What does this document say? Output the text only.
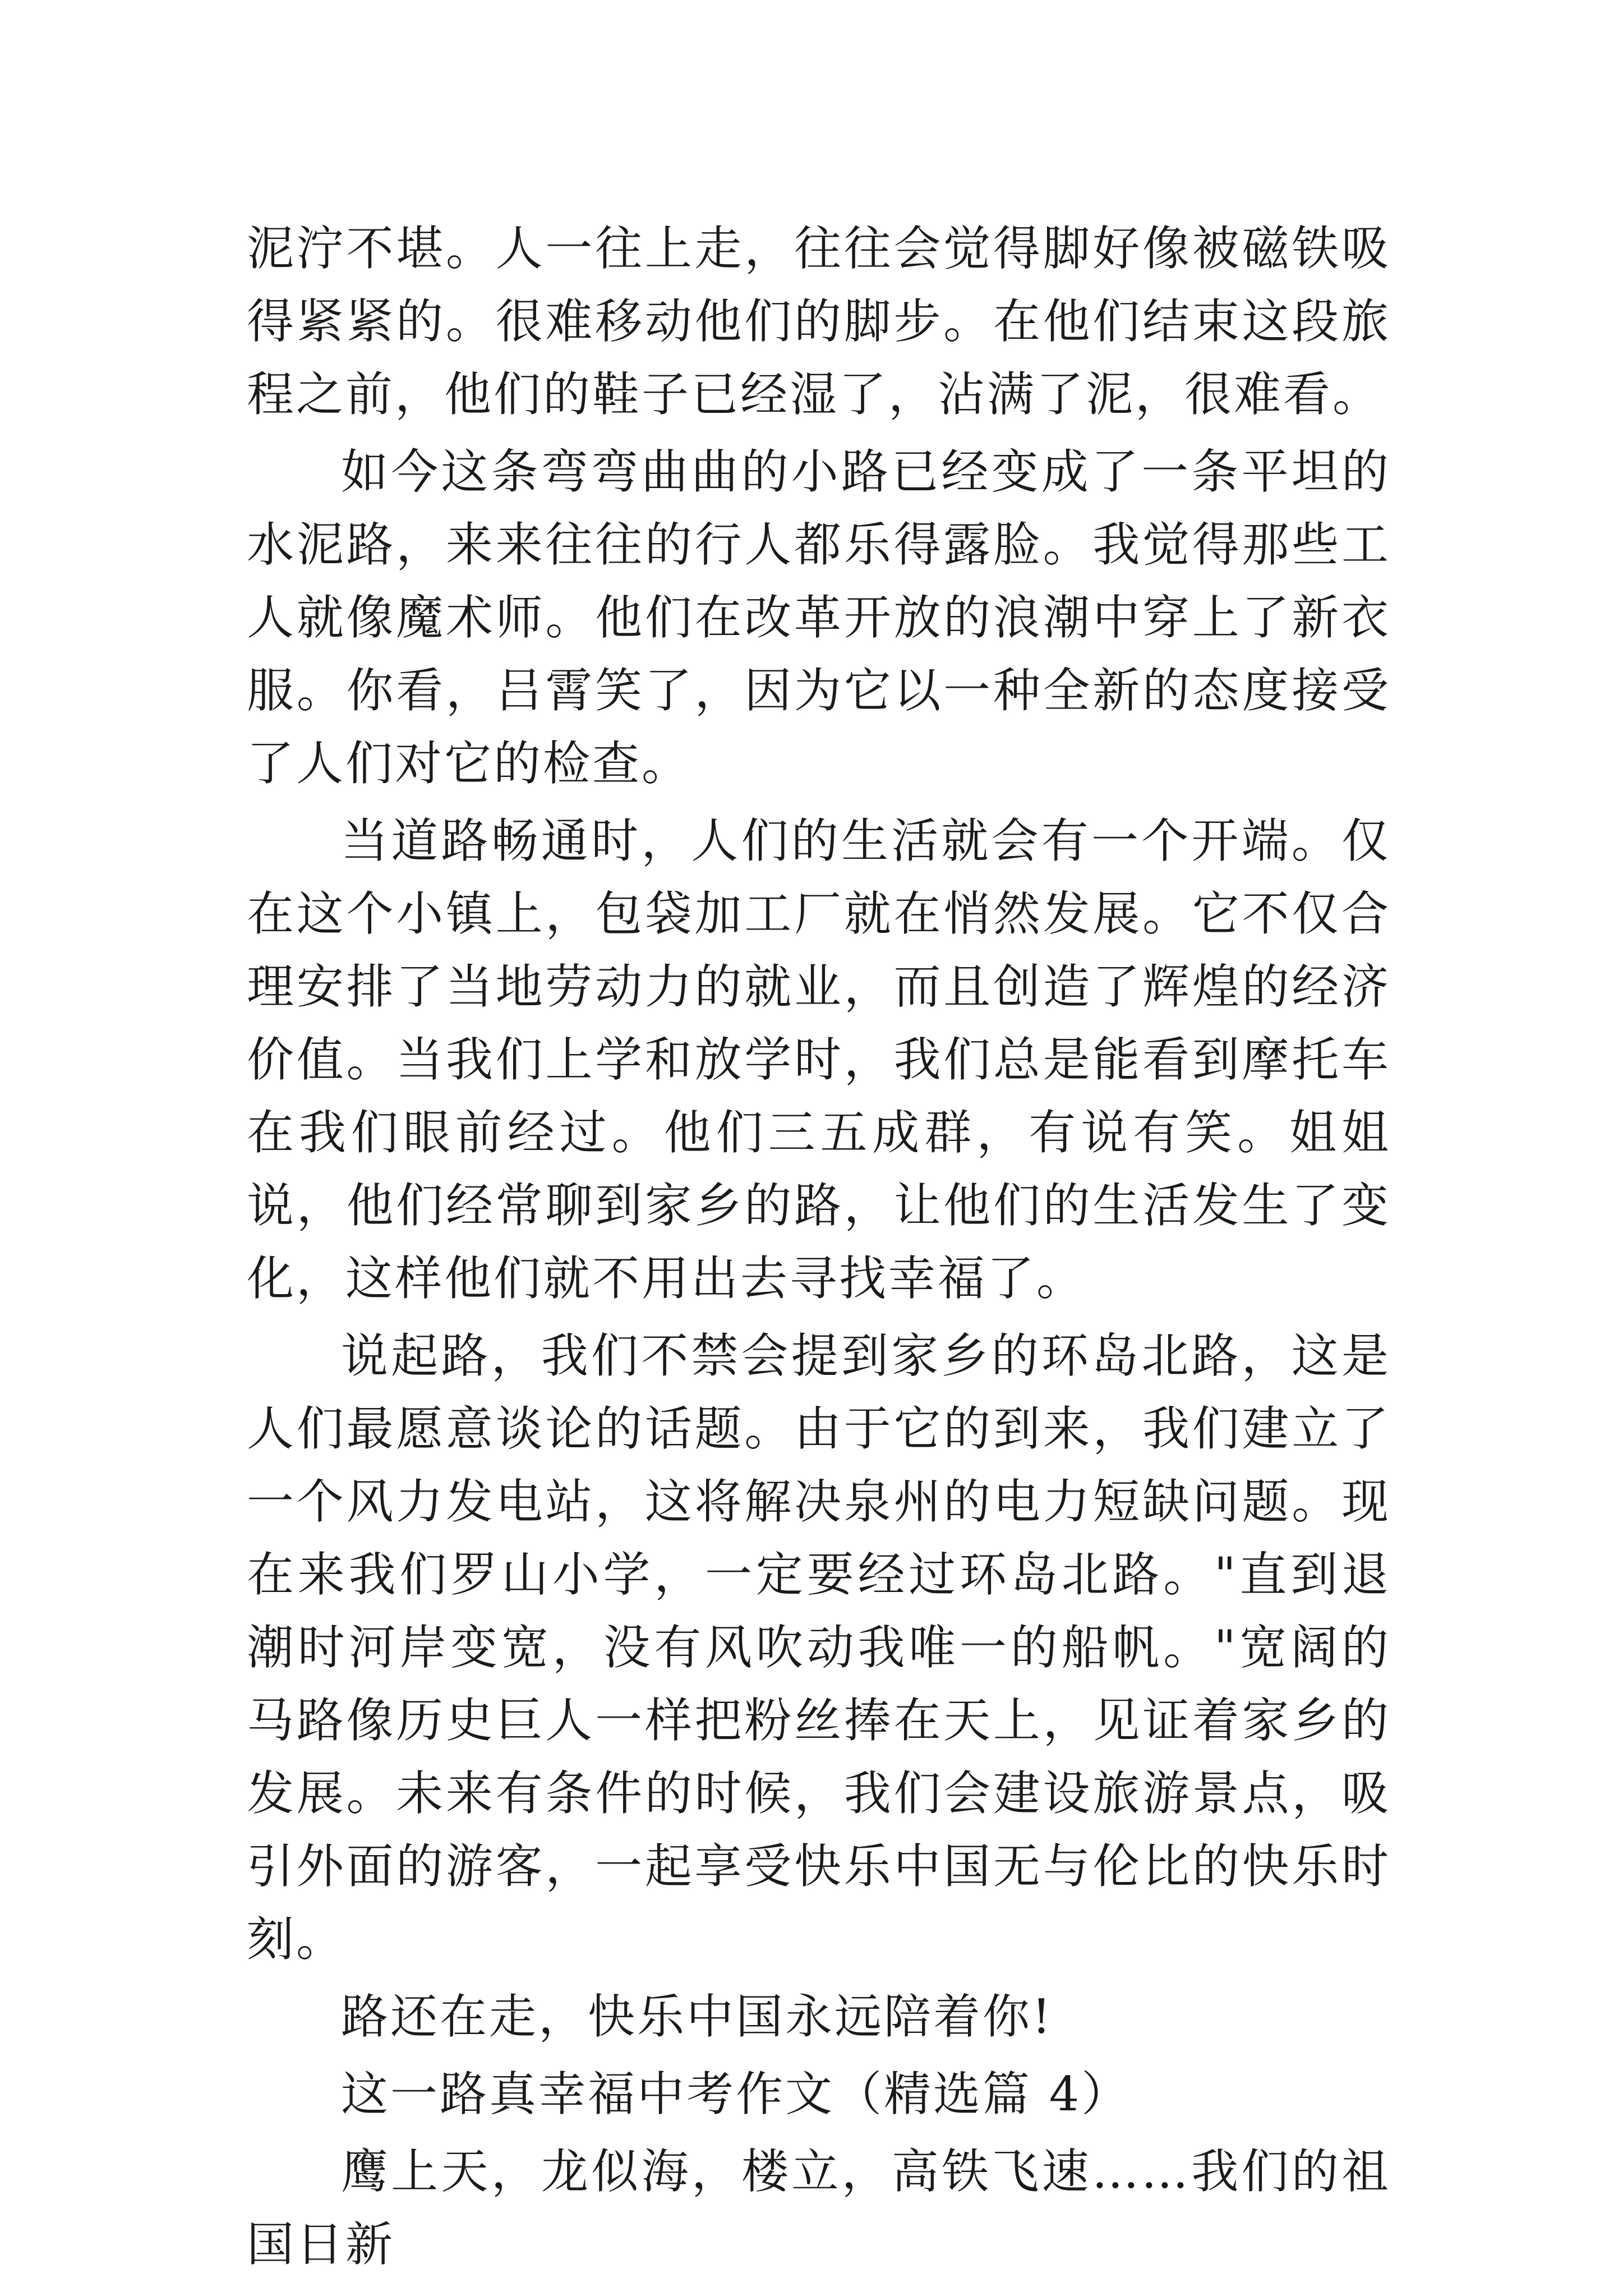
泥泞不堪。人一往上走，往往会觉得脚好像被磁铁吸得紧紧的。很难移动他们的脚步。在他们结束这段旅程之前，他们的鞋子已经湿了，沾满了泥，很难看。

如今这条弯弯曲曲的小路已经变成了一条平坦的水泥路，来来往往的行人都乐得露脸。我觉得那些工人就像魔术师。他们在改革开放的浪潮中穿上了新衣服。你看，吕霄笑了，因为它以一种全新的态度接受了人们对它的检查。

当道路畅通时，人们的生活就会有一个开端。仅在这个小镇上，包袋加工厂就在悄然发展。它不仅合理安排了当地劳动力的就业，而且创造了辉煌的经济价值。当我们上学和放学时，我们总是能看到摩托车在我们眼前经过。他们三五成群，有说有笑。姐姐说，他们经常聊到家乡的路，让他们的生活发生了变化，这样他们就不用出去寻找幸福了。

说起路，我们不禁会提到家乡的环岛北路，这是人们最愿意谈论的话题。由于它的到来，我们建立了一个风力发电站，这将解决泉州的电力短缺问题。现在来我们罗山小学，一定要经过环岛北路。"直到退潮时河岸变宽，没有风吹动我唯一的船帆。"宽阔的马路像历史巨人一样把粉丝捧在天上，见证着家乡的发展。未来有条件的时候，我们会建设旅游景点，吸引外面的游客，一起享受快乐中国无与伦比的快乐时刻。

路还在走，快乐中国永远陪着你!

这一路真幸福中考作文（精选篇 4）

鹰上天，龙似海，楼立，高铁飞速……我们的祖国日新
